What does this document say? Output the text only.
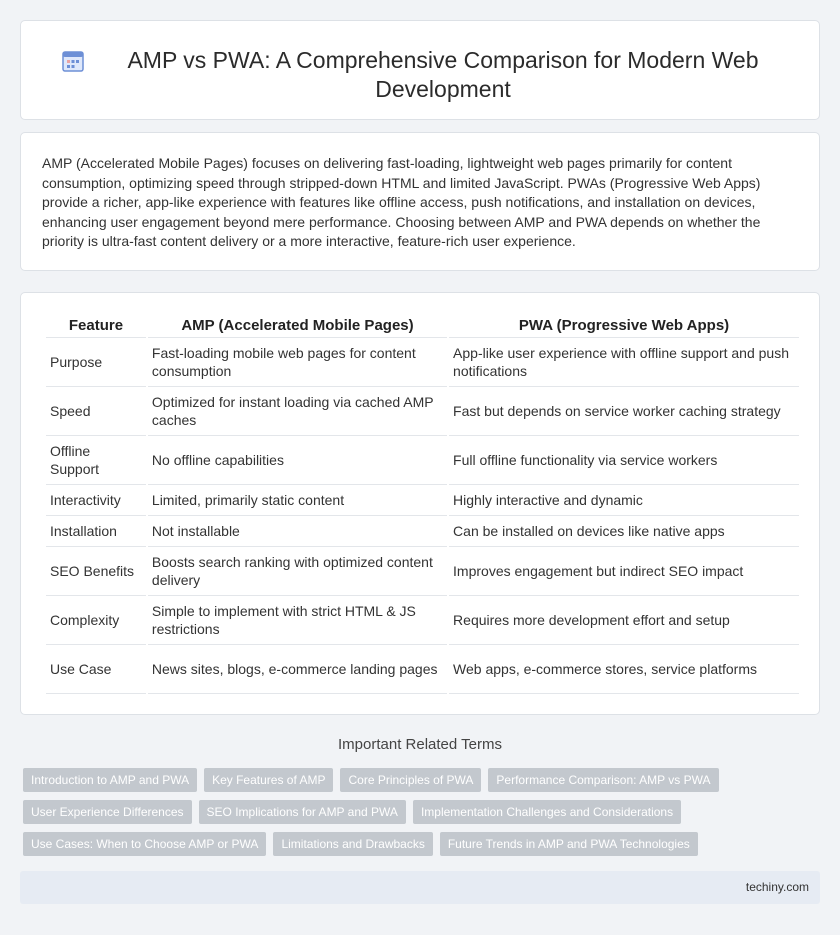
AMP vs PWA: A Comprehensive Comparison for Modern Web Development

AMP (Accelerated Mobile Pages) focuses on delivering fast-loading, lightweight web pages primarily for content consumption, optimizing speed through stripped-down HTML and limited JavaScript. PWAs (Progressive Web Apps) provide a richer, app-like experience with features like offline access, push notifications, and installation on devices, enhancing user engagement beyond mere performance. Choosing between AMP and PWA depends on whether the priority is ultra-fast content delivery or a more interactive, feature-rich user experience.

Feature	AMP (Accelerated Mobile Pages)	PWA (Progressive Web Apps)
Purpose	Fast-loading mobile web pages for content consumption	App-like user experience with offline support and push notifications
Speed	Optimized for instant loading via cached AMP caches	Fast but depends on service worker caching strategy
Offline Support	No offline capabilities	Full offline functionality via service workers
Interactivity	Limited, primarily static content	Highly interactive and dynamic
Installation	Not installable	Can be installed on devices like native apps
SEO Benefits	Boosts search ranking with optimized content delivery	Improves engagement but indirect SEO impact
Complexity	Simple to implement with strict HTML & JS restrictions	Requires more development effort and setup
Use Case	News sites, blogs, e-commerce landing pages	Web apps, e-commerce stores, service platforms
Important Related Terms
Introduction to AMP and PWA	Key Features of AMP	Core Principles of PWA	Performance Comparison: AMP vs PWA
User Experience Differences	SEO Implications for AMP and PWA	Implementation Challenges and Considerations
Use Cases: When to Choose AMP or PWA	Limitations and Drawbacks	Future Trends in AMP and PWA Technologies
techiny.com
